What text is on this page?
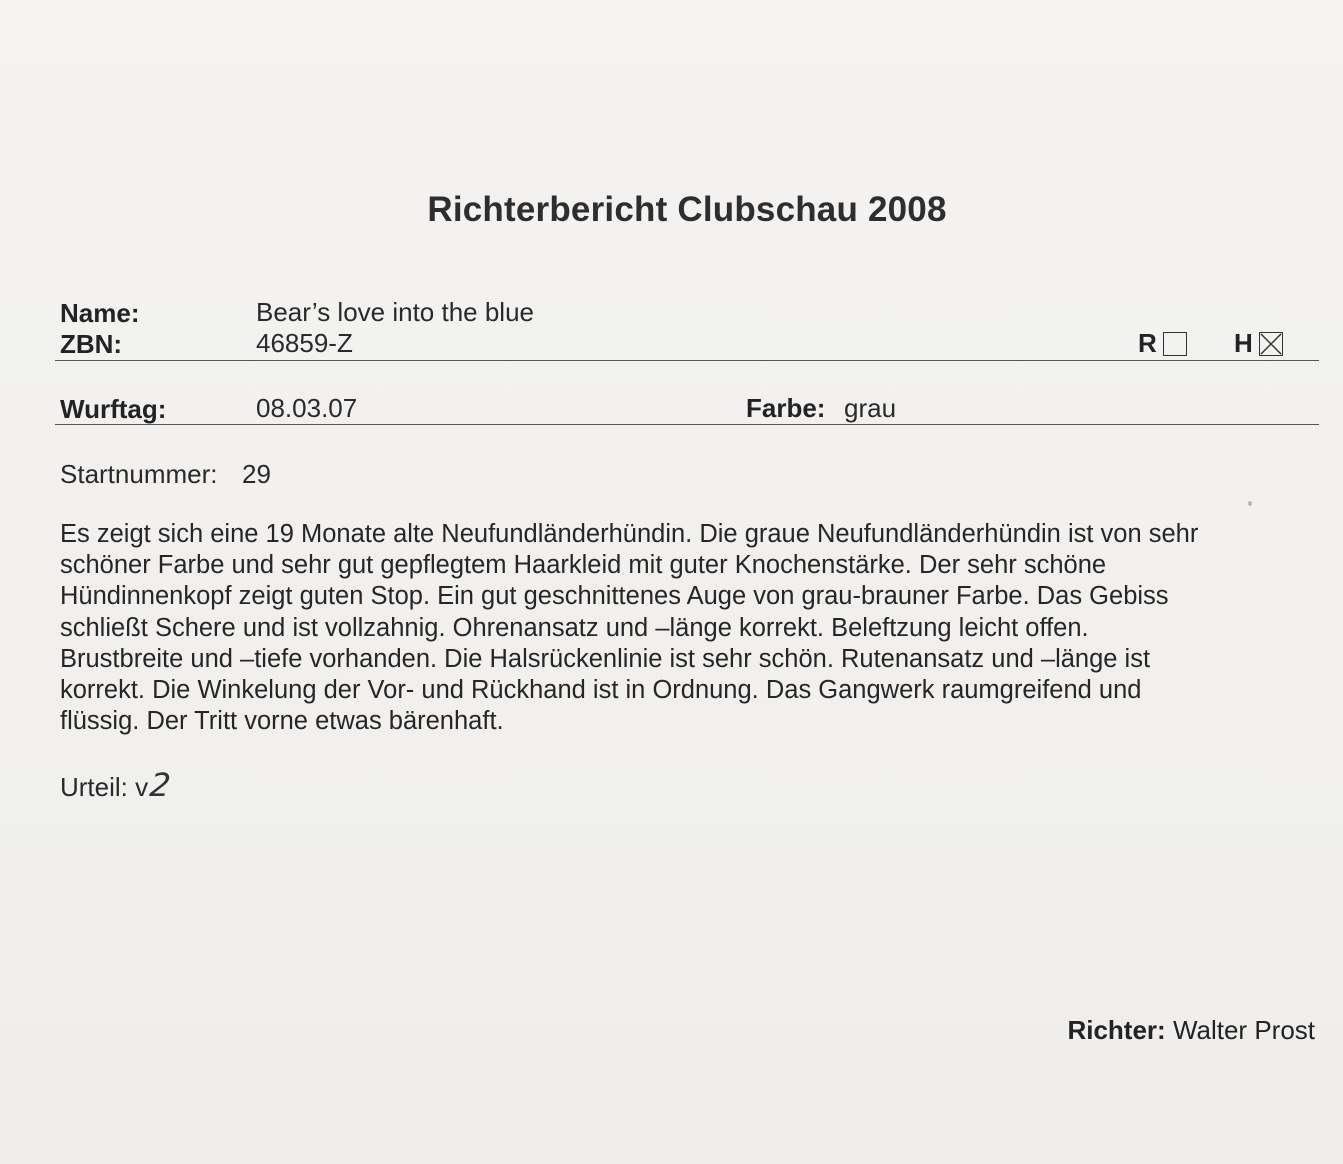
Richterbericht Clubschau 2008
Name:	Bear’s love into the blue
ZBN:	46859-Z	R	H
Wurftag:	08.03.07	Farbe: grau
Startnummer: 29
Es zeigt sich eine 19 Monate alte Neufundländerhündin. Die graue Neufundländerhündin ist von sehr
schöner Farbe und sehr gut gepflegtem Haarkleid mit guter Knochenstärke. Der sehr schöne
Hündinnenkopf zeigt guten Stop. Ein gut geschnittenes Auge von grau-brauner Farbe. Das Gebiss
schließt Schere und ist vollzahnig. Ohrenansatz und –länge korrekt. Beleftzung leicht offen.
Brustbreite und –tiefe vorhanden. Die Halsrückenlinie ist sehr schön. Rutenansatz und –länge ist
korrekt. Die Winkelung der Vor- und Rückhand ist in Ordnung. Das Gangwerk raumgreifend und
flüssig. Der Tritt vorne etwas bärenhaft.
Urteil: v2
Richter: Walter Prost
